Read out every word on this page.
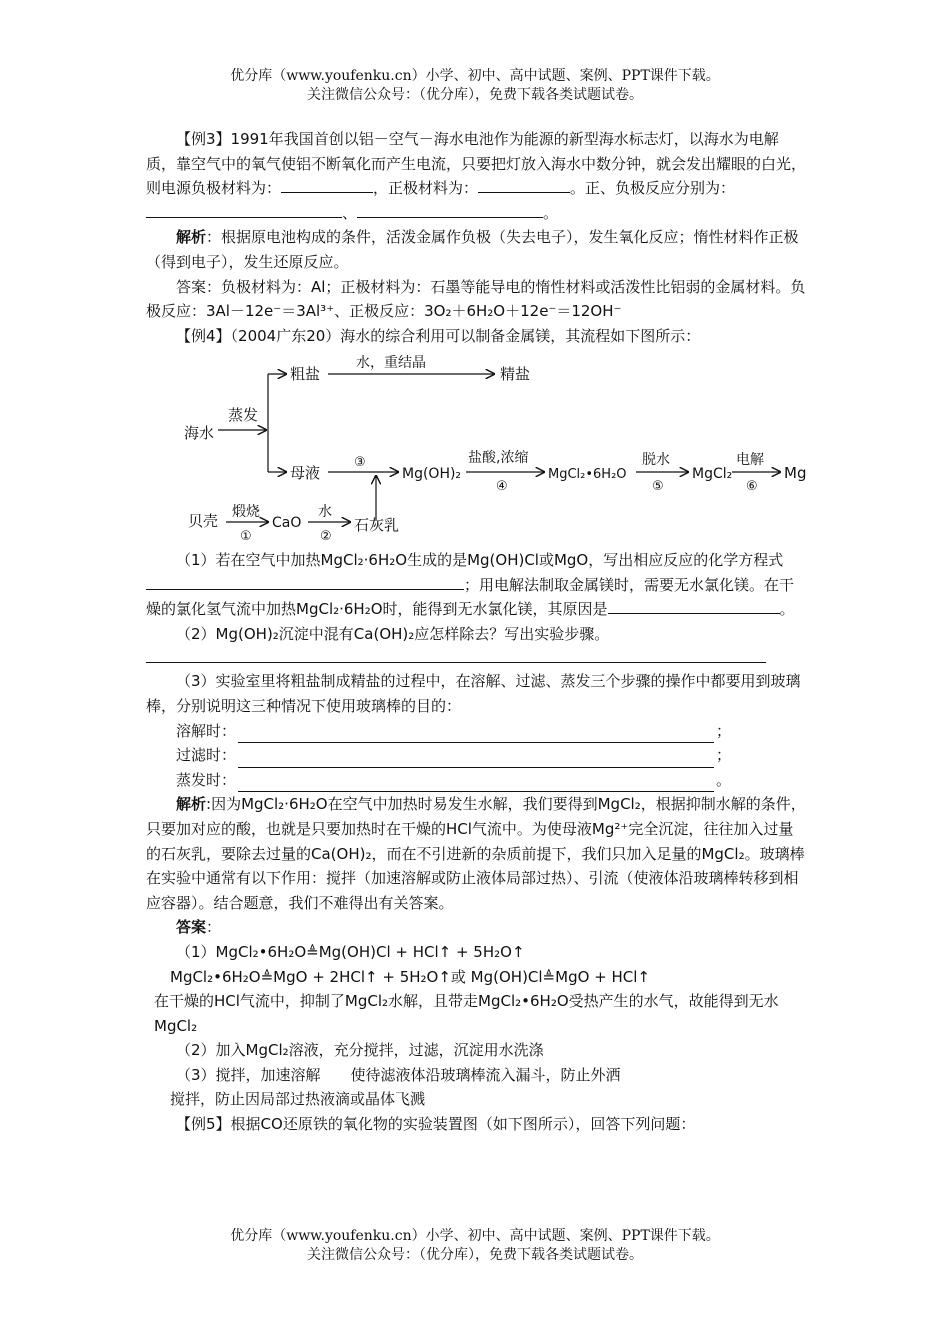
优分库（www.youfenku.cn）小学、初中、高中试题、案例、PPT课件下载。
关注微信公众号：（优分库），免费下载各类试题试卷。

【例3】1991年我国首创以铝－空气－海水电池作为能源的新型海水标志灯，以海水为电解质，靠空气中的氧气使铝不断氧化而产生电流，只要把灯放入海水中数分钟，就会发出耀眼的白光，则电源负极材料为：	，正极材料为：	。正、负极反应分别为：、	。

解析：根据原电池构成的条件，活泼金属作负极（失去电子），发生氧化反应；惰性材料作正极（得到电子），发生还原反应。

答案：负极材料为：Al；正极材料为：石墨等能导电的惰性材料或活泼性比铝弱的金属材料。负极反应：3Al－12e⁻＝3Al³⁺、正极反应：3O₂＋6H₂O＋12e⁻＝12OH⁻

【例4】（2004广东20）海水的综合利用可以制备金属镁，其流程如下图所示：

海水
蒸发
粗盐
水，重结晶
精盐
母液
③
Mg(OH)₂
盐酸,浓缩
④
MgCl₂•6H₂O
脱水
⑤
MgCl₂
电解
⑥
Mg
贝壳 煅烧
①
CaO
水
②
石灰乳

（1）若在空气中加热MgCl₂·6H₂O生成的是Mg(OH)Cl或MgO，写出相应反应的化学方程式；用电解法制取金属镁时，需要无水氯化镁。在干燥的氯化氢气流中加热MgCl₂·6H₂O时，能得到无水氯化镁，其原因是	。

（2）Mg(OH)₂沉淀中混有Ca(OH)₂应怎样除去？写出实验步骤。

（3）实验室里将粗盐制成精盐的过程中，在溶解、过滤、蒸发三个步骤的操作中都要用到玻璃棒，分别说明这三种情况下使用玻璃棒的目的：

溶解时：	；
过滤时：	；
蒸发时：	。

解析:因为MgCl₂·6H₂O在空气中加热时易发生水解，我们要得到MgCl₂，根据抑制水解的条件，只要加对应的酸，也就是只要加热时在干燥的HCl气流中。为使母液Mg²⁺完全沉淀，往往加入过量的石灰乳，要除去过量的Ca(OH)₂，而在不引进新的杂质前提下，我们只加入足量的MgCl₂。玻璃棒在实验中通常有以下作用：搅拌（加速溶解或防止液体局部过热）、引流（使液体沿玻璃棒转移到相应容器）。结合题意，我们不难得出有关答案。

答案：

（1）MgCl₂•6H₂O≜Mg(OH)Cl + HCl↑ + 5H₂O↑

MgCl₂•6H₂O≜MgO + 2HCl↑ + 5H₂O↑或 Mg(OH)Cl≜MgO + HCl↑

在干燥的HCl气流中，抑制了MgCl₂水解，且带走MgCl₂•6H₂O受热产生的水气，故能得到无水MgCl₂

（2）加入MgCl₂溶液，充分搅拌，过滤，沉淀用水洗涤

（3）搅拌，加速溶解　　使待滤液体沿玻璃棒流入漏斗，防止外洒

搅拌，防止因局部过热液滴或晶体飞溅

【例5】根据CO还原铁的氧化物的实验装置图（如下图所示），回答下列问题：

优分库（www.youfenku.cn）小学、初中、高中试题、案例、PPT课件下载。
关注微信公众号：（优分库），免费下载各类试题试卷。
